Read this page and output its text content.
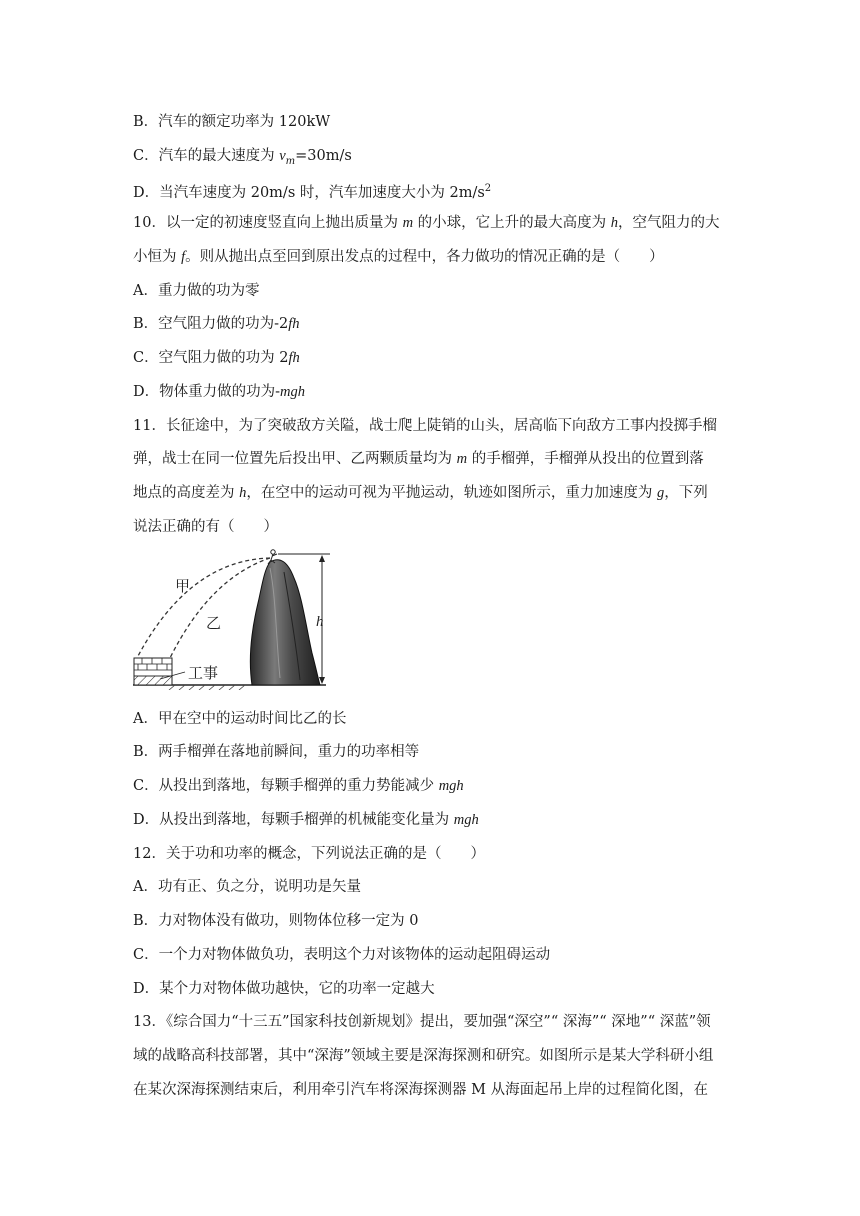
B．汽车的额定功率为 120kW
C．汽车的最大速度为 $v_m=30m/s$
D．当汽车速度为 20m/s 时，汽车加速度大小为 $2m/s^2$
10．以一定的初速度竖直向上抛出质量为 m 的小球，它上升的最大高度为 h，空气阻力的大
小恒为 f。则从抛出点至回到原出发点的过程中，各力做功的情况正确的是（　　）
A．重力做的功为零
B．空气阻力做的功为-2fh
C．空气阻力做的功为 2fh
D．物体重力做的功为-mgh
11．长征途中，为了突破敌方关隘，战士爬上陡销的山头，居高临下向敌方工事内投掷手榴
弹，战士在同一位置先后投出甲、乙两颗质量均为 m 的手榴弹，手榴弹从投出的位置到落
地点的高度差为 h，在空中的运动可视为平抛运动，轨迹如图所示，重力加速度为 g，下列
说法正确的有（　　）
工事
甲
乙	h
A．甲在空中的运动时间比乙的长
B．两手榴弹在落地前瞬间，重力的功率相等
C．从投出到落地，每颗手榴弹的重力势能减少 mgh
D．从投出到落地，每颗手榴弹的机械能变化量为 mgh
12．关于功和功率的概念，下列说法正确的是（　　）
A．功有正、负之分，说明功是矢量
B．力对物体没有做功，则物体位移一定为 0
C．一个力对物体做负功，表明这个力对该物体的运动起阻碍运动
D．某个力对物体做功越快，它的功率一定越大
13．《综合国力“十三五”国家科技创新规划》提出，要加强“深空”“ 深海”“ 深地”“ 深蓝”领
域的战略高科技部署，其中“深海”领域主要是深海探测和研究。如图所示是某大学科研小组
在某次深海探测结束后，利用牵引汽车将深海探测器 M 从海面起吊上岸的过程简化图，在
